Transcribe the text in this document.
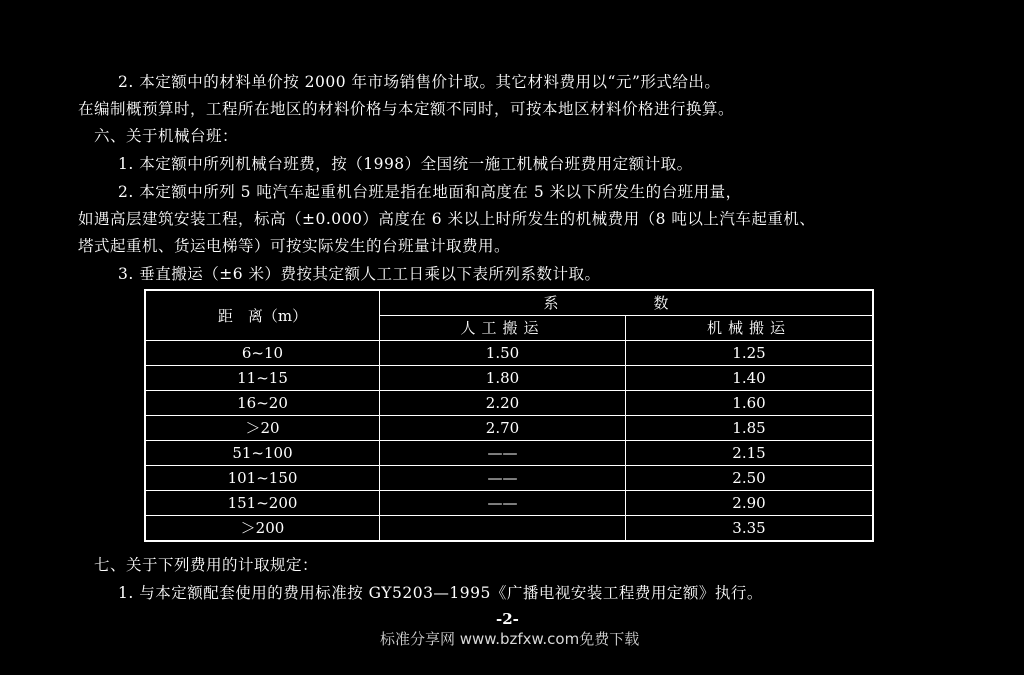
2. 本定额中的材料单价按 2000 年市场销售价计取。其它材料费用以“元”形式给出。
在编制概预算时，工程所在地区的材料价格与本定额不同时，可按本地区材料价格进行换算。
六、关于机械台班：
1. 本定额中所列机械台班费，按（1998）全国统一施工机械台班费用定额计取。
2. 本定额中所列 5 吨汽车起重机台班是指在地面和高度在 5 米以下所发生的台班用量，
如遇高层建筑安装工程，标高（±0.000）高度在 6 米以上时所发生的机械费用（8 吨以上汽车起重机、
塔式起重机、货运电梯等）可按实际发生的台班量计取费用。
3. 垂直搬运（±6 米）费按其定额人工工日乘以下表所列系数计取。
距　离（m）	系　数	
	人工搬运	机械搬运
6~10	1.50	1.25
11~15	1.80	1.40
16~20	2.20	1.60
＞20	2.70	1.85
51~100	——	2.15
101~150	——	2.50
151~200	——	2.90
＞200		3.35
七、关于下列费用的计取规定：
1. 与本定额配套使用的费用标准按 GY5203—1995《广播电视安装工程费用定额》执行。
-2-
标准分享网 www.bzfxw.com免费下载
